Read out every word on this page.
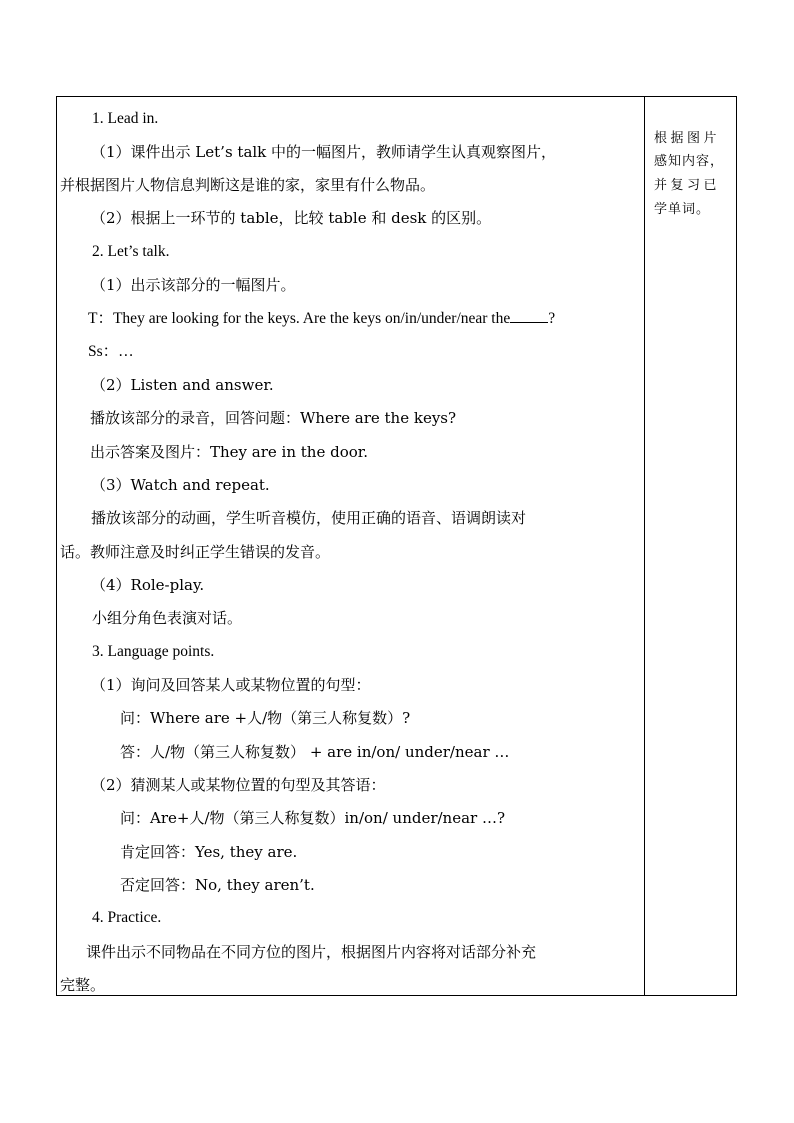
1. Lead in.
（1）课件出示 Let’s talk 中的一幅图片，教师请学生认真观察图片，
并根据图片人物信息判断这是谁的家，家里有什么物品。
（2）根据上一环节的 table，比较 table 和 desk 的区别。
2. Let’s talk.
（1）出示该部分的一幅图片。
T：They are looking for the keys. Are the keys on/in/under/near the ?
Ss：…
（2）Listen and answer.
播放该部分的录音，回答问题：Where are the keys?
出示答案及图片：They are in the door.
（3）Watch and repeat.
播放该部分的动画，学生听音模仿，使用正确的语音、语调朗读对
话。教师注意及时纠正学生错误的发音。
（4）Role-play.
小组分角色表演对话。
3. Language points.
（1）询问及回答某人或某物位置的句型：
问：Where are +人/物（第三人称复数）?
答：人/物（第三人称复数） + are in/on/ under/near …
（2）猜测某人或某物位置的句型及其答语：
问：Are+人/物（第三人称复数）in/on/ under/near …?
肯定回答：Yes, they are.
否定回答：No, they aren’t.
4. Practice.
课件出示不同物品在不同方位的图片，根据图片内容将对话部分补充
完整。
根据图片
感知内容，
并复习已
学单词。
